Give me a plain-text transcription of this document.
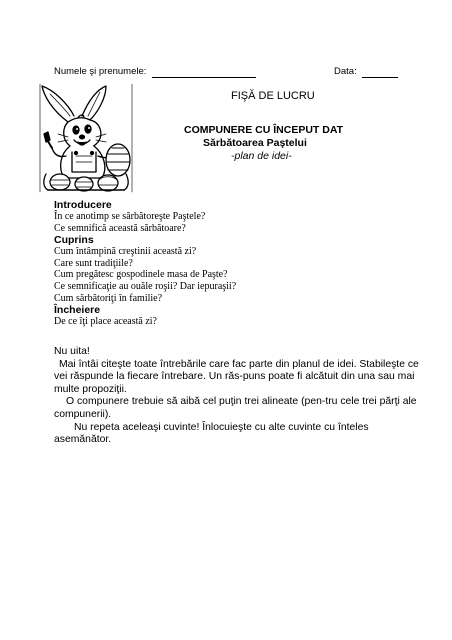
Numele şi prenumele:	Data:
FIŞĂ DE LUCRU
COMPUNERE CU ÎNCEPUT DAT
Sărbătoarea Paştelui
-plan de idei-
Introducere
În ce anotimp se sărbătoreşte Paştele?
Ce semnifică această sărbătoare?
Cuprins
Cum întâmpină creştinii această zi?
Care sunt tradiţiile?
Cum pregătesc gospodinele masa de Paşte?
Ce semnificaţie au ouăle roşii? Dar iepuraşii?
Cum sărbătoriţi în familie?
Încheiere
De ce îţi place această zi?

Nu uita!

Mai întâi citeşte toate întrebările care fac parte din planul de idei. Stabileşte ce vei răspunde la fiecare întrebare. Un răs-puns poate fi alcătuit din una sau mai multe propoziţii.

O compunere trebuie să aibă cel puţin trei alineate (pen-tru cele trei părţi ale compunerii).

Nu repeta aceleaşi cuvinte! Înlocuieşte cu alte cuvinte cu înteles asemănător.
